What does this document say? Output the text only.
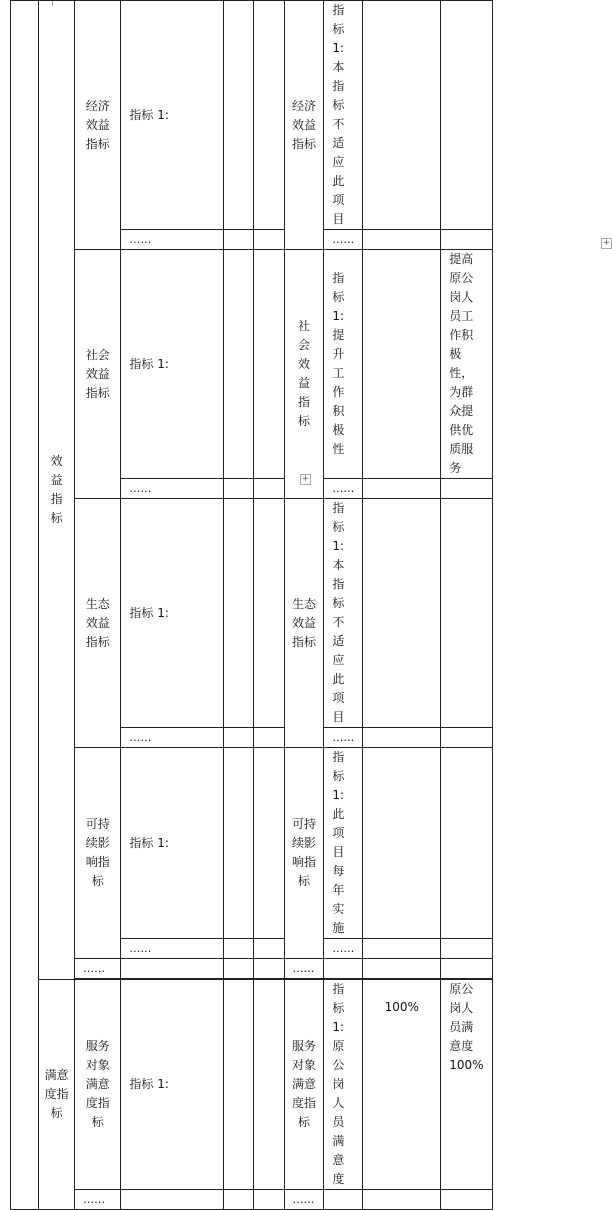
	效益指标	经济效益指标	指标 1:			经济效益指标	指标 1:本指标不适应此项目		
			……				……		

		社会效益指标	指标 1:			社会效益指标	指标 1:提升工作积极性		提高原公岗人员工作积极性，为群众提供优质服务
			……				……		

		生态效益指标	指标 1:			生态效益指标	指标 1:本指标不适应此项目		
			……				……		

		可持续影响指标	指标 1:			可持续影响指标	指标 1:此项目每年实施		
			……				……		
		……				……			

	满意度指标	服务对象满意度指标	指标 1:			服务对象满意度指标	指标 1:原公岗人员满意度	100%	原公岗人员满意度100%
		……				……			
+
+
